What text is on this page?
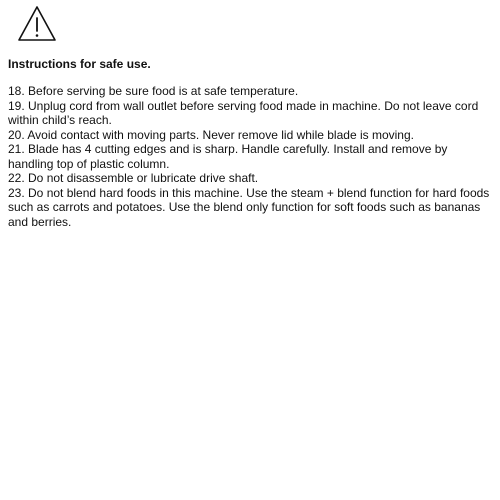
Instructions for safe use.
18. Before serving be sure food is at safe temperature.
19. Unplug cord from wall outlet before serving food made in machine. Do not leave cord within child’s reach.
20. Avoid contact with moving parts. Never remove lid while blade is moving.
21. Blade has 4 cutting edges and is sharp. Handle carefully. Install and remove by handling top of plastic column.
22. Do not disassemble or lubricate drive shaft.
23. Do not blend hard foods in this machine. Use the steam + blend function for hard foods such as carrots and potatoes. Use the blend only function for soft foods such as bananas and berries.
